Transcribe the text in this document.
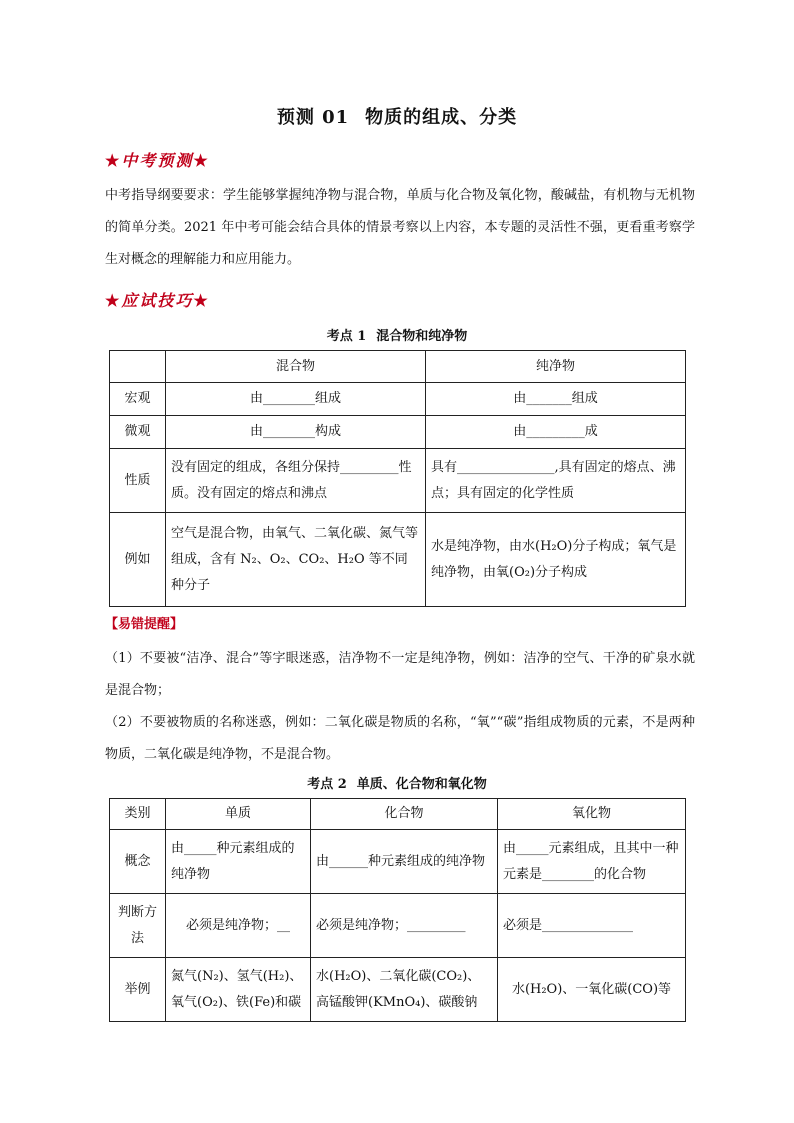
预测 01 物质的组成、分类
★中考预测★
中考指导纲要要求：学生能够掌握纯净物与混合物，单质与化合物及氧化物，酸碱盐，有机物与无机物的简单分类。2021 年中考可能会结合具体的情景考察以上内容，本专题的灵活性不强，更看重考察学生对概念的理解能力和应用能力。
★应试技巧★
考点 1 混合物和纯净物
	混合物	纯净物
宏观	由________组成	由_______组成
微观	由________构成	由_________成
性质	没有固定的组成，各组分保持_________性质。没有固定的熔点和沸点	具有_______________,具有固定的熔点、沸点；具有固定的化学性质
例如	空气是混合物，由氧气、二氧化碳、氮气等组成，含有 N₂、O₂、CO₂、H₂O 等不同种分子	水是纯净物，由水(H₂O)分子构成；氧气是纯净物，由氧(O₂)分子构成
【易错提醒】
（1）不要被“洁净、混合”等字眼迷惑，洁净物不一定是纯净物，例如：洁净的空气、干净的矿泉水就是混合物；
（2）不要被物质的名称迷惑，例如：二氧化碳是物质的名称，“氧”“碳”指组成物质的元素，不是两种物质，二氧化碳是纯净物，不是混合物。
考点 2 单质、化合物和氧化物
类别	单质	化合物	氧化物
概念	由_____种元素组成的纯净物	由______种元素组成的纯净物	由_____元素组成，且其中一种元素是________的化合物
判断方法	必须是纯净物；__	必须是纯净物；_________	必须是______________
举例	氮气(N₂)、氢气(H₂)、氧气(O₂)、铁(Fe)和碳	水(H₂O)、二氧化碳(CO₂)、高锰酸钾(KMnO₄)、碳酸钠	水(H₂O)、一氧化碳(CO)等
